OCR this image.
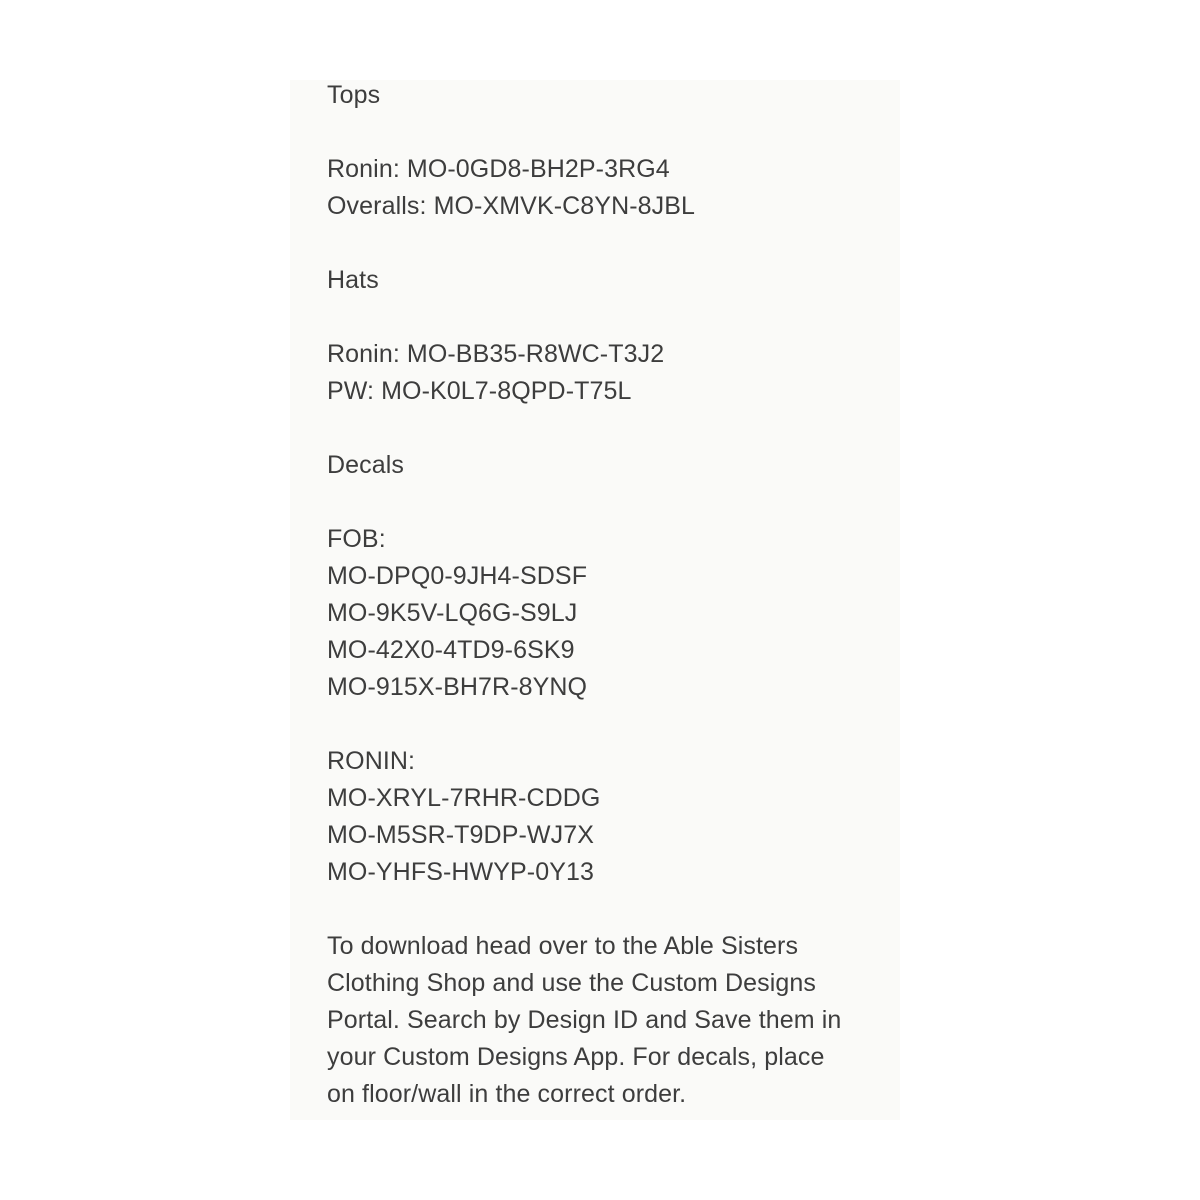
Tops
Ronin: MO-0GD8-BH2P-3RG4
Overalls: MO-XMVK-C8YN-8JBL
Hats
Ronin: MO-BB35-R8WC-T3J2
PW: MO-K0L7-8QPD-T75L
Decals
FOB:
MO-DPQ0-9JH4-SDSF
MO-9K5V-LQ6G-S9LJ
MO-42X0-4TD9-6SK9
MO-915X-BH7R-8YNQ
RONIN:
MO-XRYL-7RHR-CDDG
MO-M5SR-T9DP-WJ7X
MO-YHFS-HWYP-0Y13
To download head over to the Able Sisters
Clothing Shop and use the Custom Designs
Portal. Search by Design ID and Save them in
your Custom Designs App. For decals, place
on floor/wall in the correct order.
